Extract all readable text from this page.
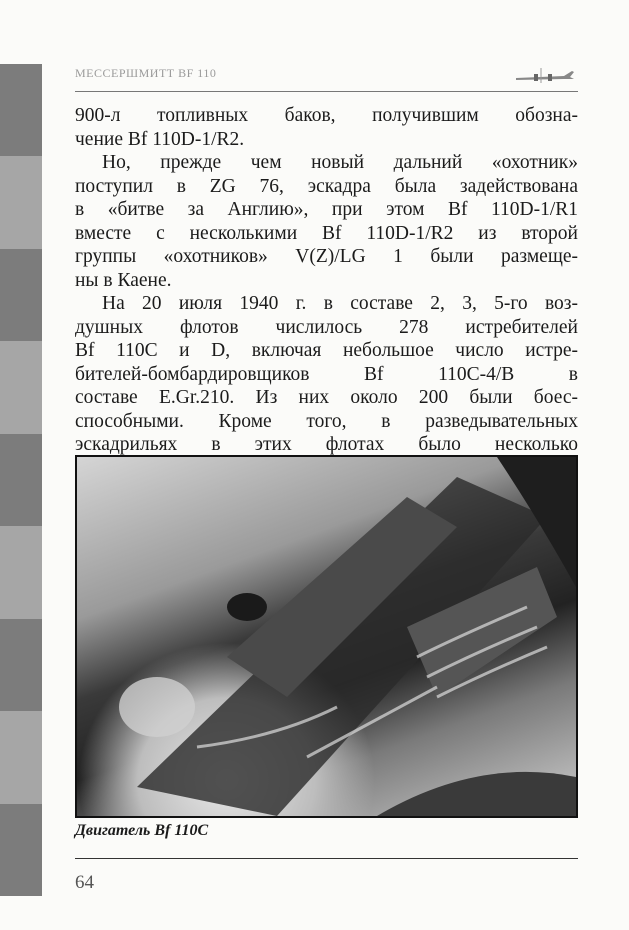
МЕССЕРШМИТТ BF 110

900-л топливных баков, получившим обозна-

чение Bf 110D-1/R2.

Но, прежде чем новый дальний «охотник»

поступил в ZG 76, эскадра была задействована

в «битве за Англию», при этом Bf 110D-1/R1

вместе с несколькими Bf 110D-1/R2 из второй

группы «охотников» V(Z)/LG 1 были размеще-

ны в Каене.

На 20 июля 1940 г. в составе 2, 3, 5-го воз-

душных флотов числилось 278 истребителей

Bf 110C и D, включая небольшое число истре-

бителей-бомбардировщиков Bf 110C-4/B в

составе E.Gr.210. Из них около 200 были боес-

способными. Кроме того, в разведывательных

эскадрильях в этих флотах было несколько

Двигатель Bf 110C
64
